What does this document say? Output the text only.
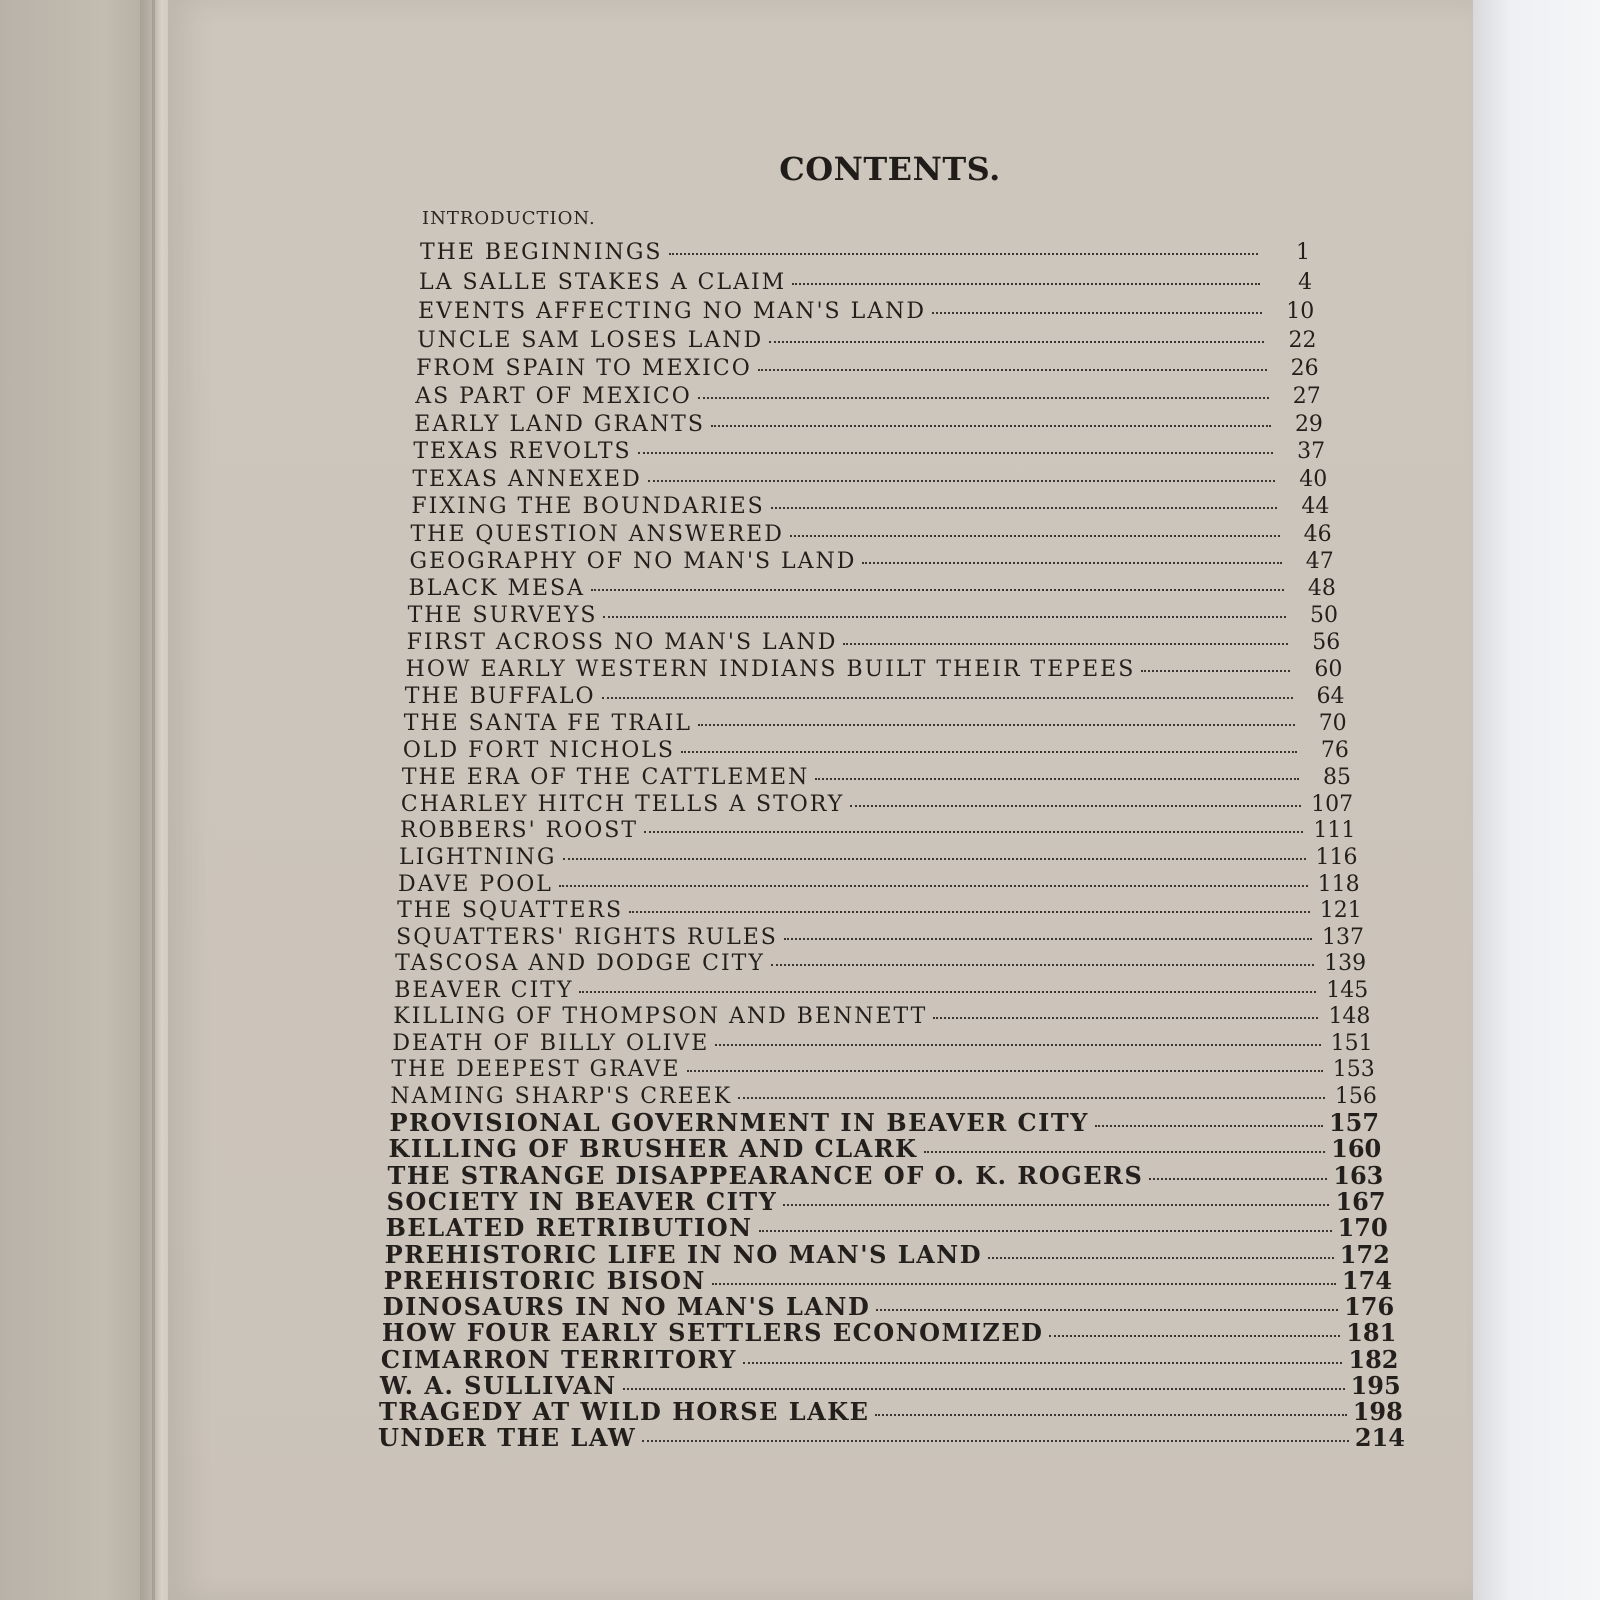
CONTENTS.

INTRODUCTION.

THE BEGINNINGS	1
LA SALLE STAKES A CLAIM	4
EVENTS AFFECTING NO MAN'S LAND	10
UNCLE SAM LOSES LAND	22
FROM SPAIN TO MEXICO	26
AS PART OF MEXICO	27
EARLY LAND GRANTS	29
TEXAS REVOLTS	37
TEXAS ANNEXED	40
FIXING THE BOUNDARIES	44
THE QUESTION ANSWERED	46
GEOGRAPHY OF NO MAN'S LAND	47
BLACK MESA	48
THE SURVEYS	50
FIRST ACROSS NO MAN'S LAND	56
HOW EARLY WESTERN INDIANS BUILT THEIR TEPEES	60
THE BUFFALO	64
THE SANTA FE TRAIL	70
OLD FORT NICHOLS	76
THE ERA OF THE CATTLEMEN	85
CHARLEY HITCH TELLS A STORY	107
ROBBERS' ROOST	111
LIGHTNING	116
DAVE POOL	118
THE SQUATTERS	121
SQUATTERS' RIGHTS RULES	137
TASCOSA AND DODGE CITY	139
BEAVER CITY	145
KILLING OF THOMPSON AND BENNETT	148
DEATH OF BILLY OLIVE	151
THE DEEPEST GRAVE	153
NAMING SHARP'S CREEK	156
PROVISIONAL GOVERNMENT IN BEAVER CITY	157
KILLING OF BRUSHER AND CLARK	160
THE STRANGE DISAPPEARANCE OF O. K. ROGERS	163
SOCIETY IN BEAVER CITY	167
BELATED RETRIBUTION	170
PREHISTORIC LIFE IN NO MAN'S LAND	172
PREHISTORIC BISON	174
DINOSAURS IN NO MAN'S LAND	176
HOW FOUR EARLY SETTLERS ECONOMIZED	181
CIMARRON TERRITORY	182
W. A. SULLIVAN	195
TRAGEDY AT WILD HORSE LAKE	198
UNDER THE LAW	214
